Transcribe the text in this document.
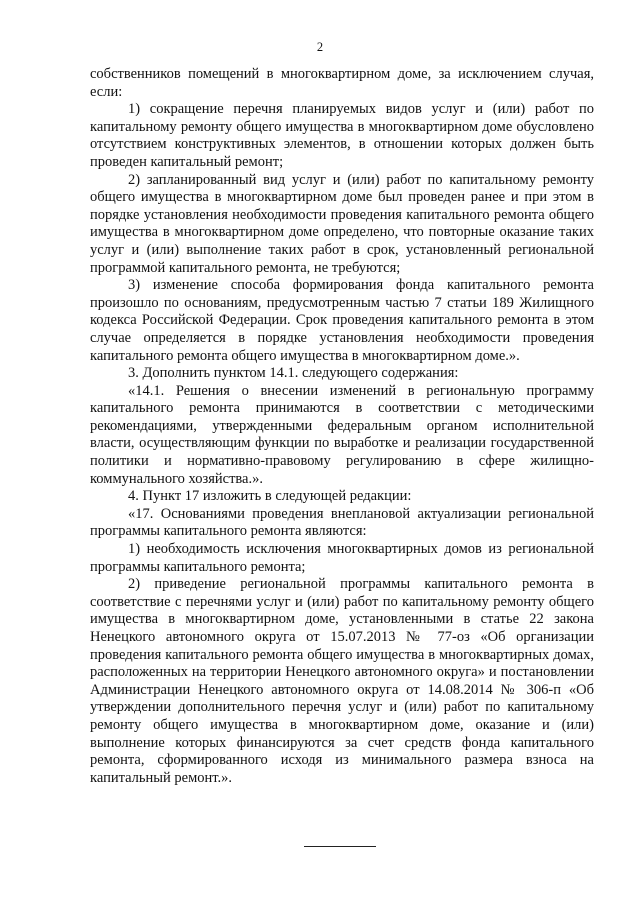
2

собственников помещений в многоквартирном доме, за исключением случая, если:

1) сокращение перечня планируемых видов услуг и (или) работ по капитальному ремонту общего имущества в многоквартирном доме обусловлено отсутствием конструктивных элементов, в отношении которых должен быть проведен капитальный ремонт;

2) запланированный вид услуг и (или) работ по капитальному ремонту общего имущества в многоквартирном доме был проведен ранее и при этом в порядке установления необходимости проведения капитального ремонта общего имущества в многоквартирном доме определено, что повторные оказание таких услуг и (или) выполнение таких работ в срок, установленный региональной программой капитального ремонта, не требуются;

3) изменение способа формирования фонда капитального ремонта произошло по основаниям, предусмотренным частью 7 статьи 189 Жилищного кодекса Российской Федерации. Срок проведения капитального ремонта в этом случае определяется в порядке установления необходимости проведения капитального ремонта общего имущества в многоквартирном доме.».

3. Дополнить пунктом 14.1. следующего содержания:

«14.1. Решения о внесении изменений в региональную программу капитального ремонта принимаются в соответствии с методическими рекомендациями, утвержденными федеральным органом исполнительной власти, осуществляющим функции по выработке и реализации государственной политики и нормативно-правовому регулированию в сфере жилищно-коммунального хозяйства.».

4. Пункт 17 изложить в следующей редакции:

«17. Основаниями проведения внеплановой актуализации региональной программы капитального ремонта являются:

1) необходимость исключения многоквартирных домов из региональной программы капитального ремонта;

2) приведение региональной программы капитального ремонта в соответствие с перечнями услуг и (или) работ по капитальному ремонту общего имущества в многоквартирном доме, установленными в статье 22 закона Ненецкого автономного округа от 15.07.2013 № 77-оз «Об организации проведения капитального ремонта общего имущества в многоквартирных домах, расположенных на территории Ненецкого автономного округа» и постановлении Администрации Ненецкого автономного округа от 14.08.2014 № 306-п «Об утверждении дополнительного перечня услуг и (или) работ по капитальному ремонту общего имущества в многоквартирном доме, оказание и (или) выполнение которых финансируются за счет средств фонда капитального ремонта, сформированного исходя из минимального размера взноса на капитальный ремонт.».
